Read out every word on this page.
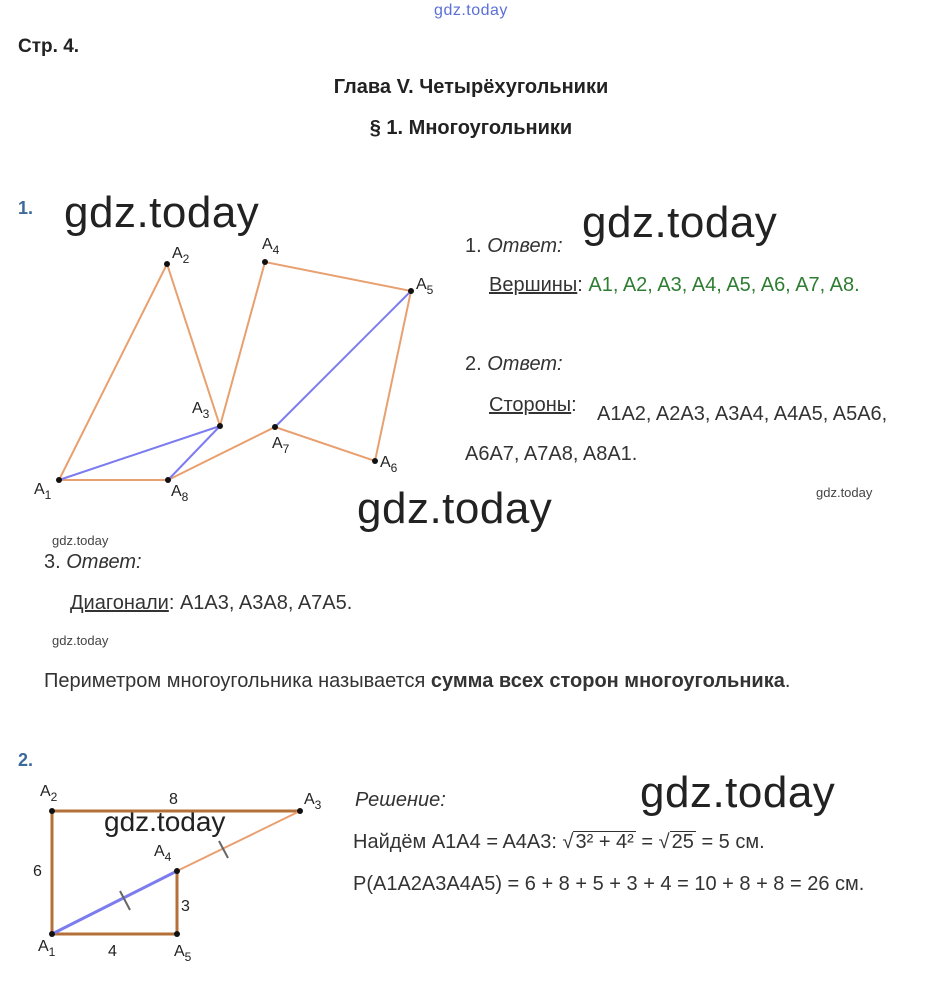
gdz.today
gdz.today	gdz.today
gdz.today	gdz.today
gdz.today
gdz.today
gdz.today
gdz.today
Стр. 4.
Глава V. Четырёхугольники
§ 1. Многоугольники
1.
$A_1$
$A_2$
$A_3$
$A_4$
$A_5$
$A_6$
$A_7$
$A_8$
1. Ответ:
Вершины: A1, A2, A3, A4, A5, A6, A7, A8.
2. Ответ:
Стороны:	A1A2, A2A3, A3A4, A4A5, A5A6, A6A7, A7A8, A8A1.
3. Ответ:
Диагонали: A1A3, A3A8, A7A5.
Периметром многоугольника называется сумма всех сторон многоугольника.
2.
$A_2$	$A_3$
$A_4$
$A_1$	$A_5$
8
6
3
4
Решение:
Найдём A1A4 = A4A3: √ 3² + 4² = √ 25 = 5 см.
P(A1A2A3A4A5) = 6 + 8 + 5 + 3 + 4 = 10 + 8 + 8 = 26 см.
